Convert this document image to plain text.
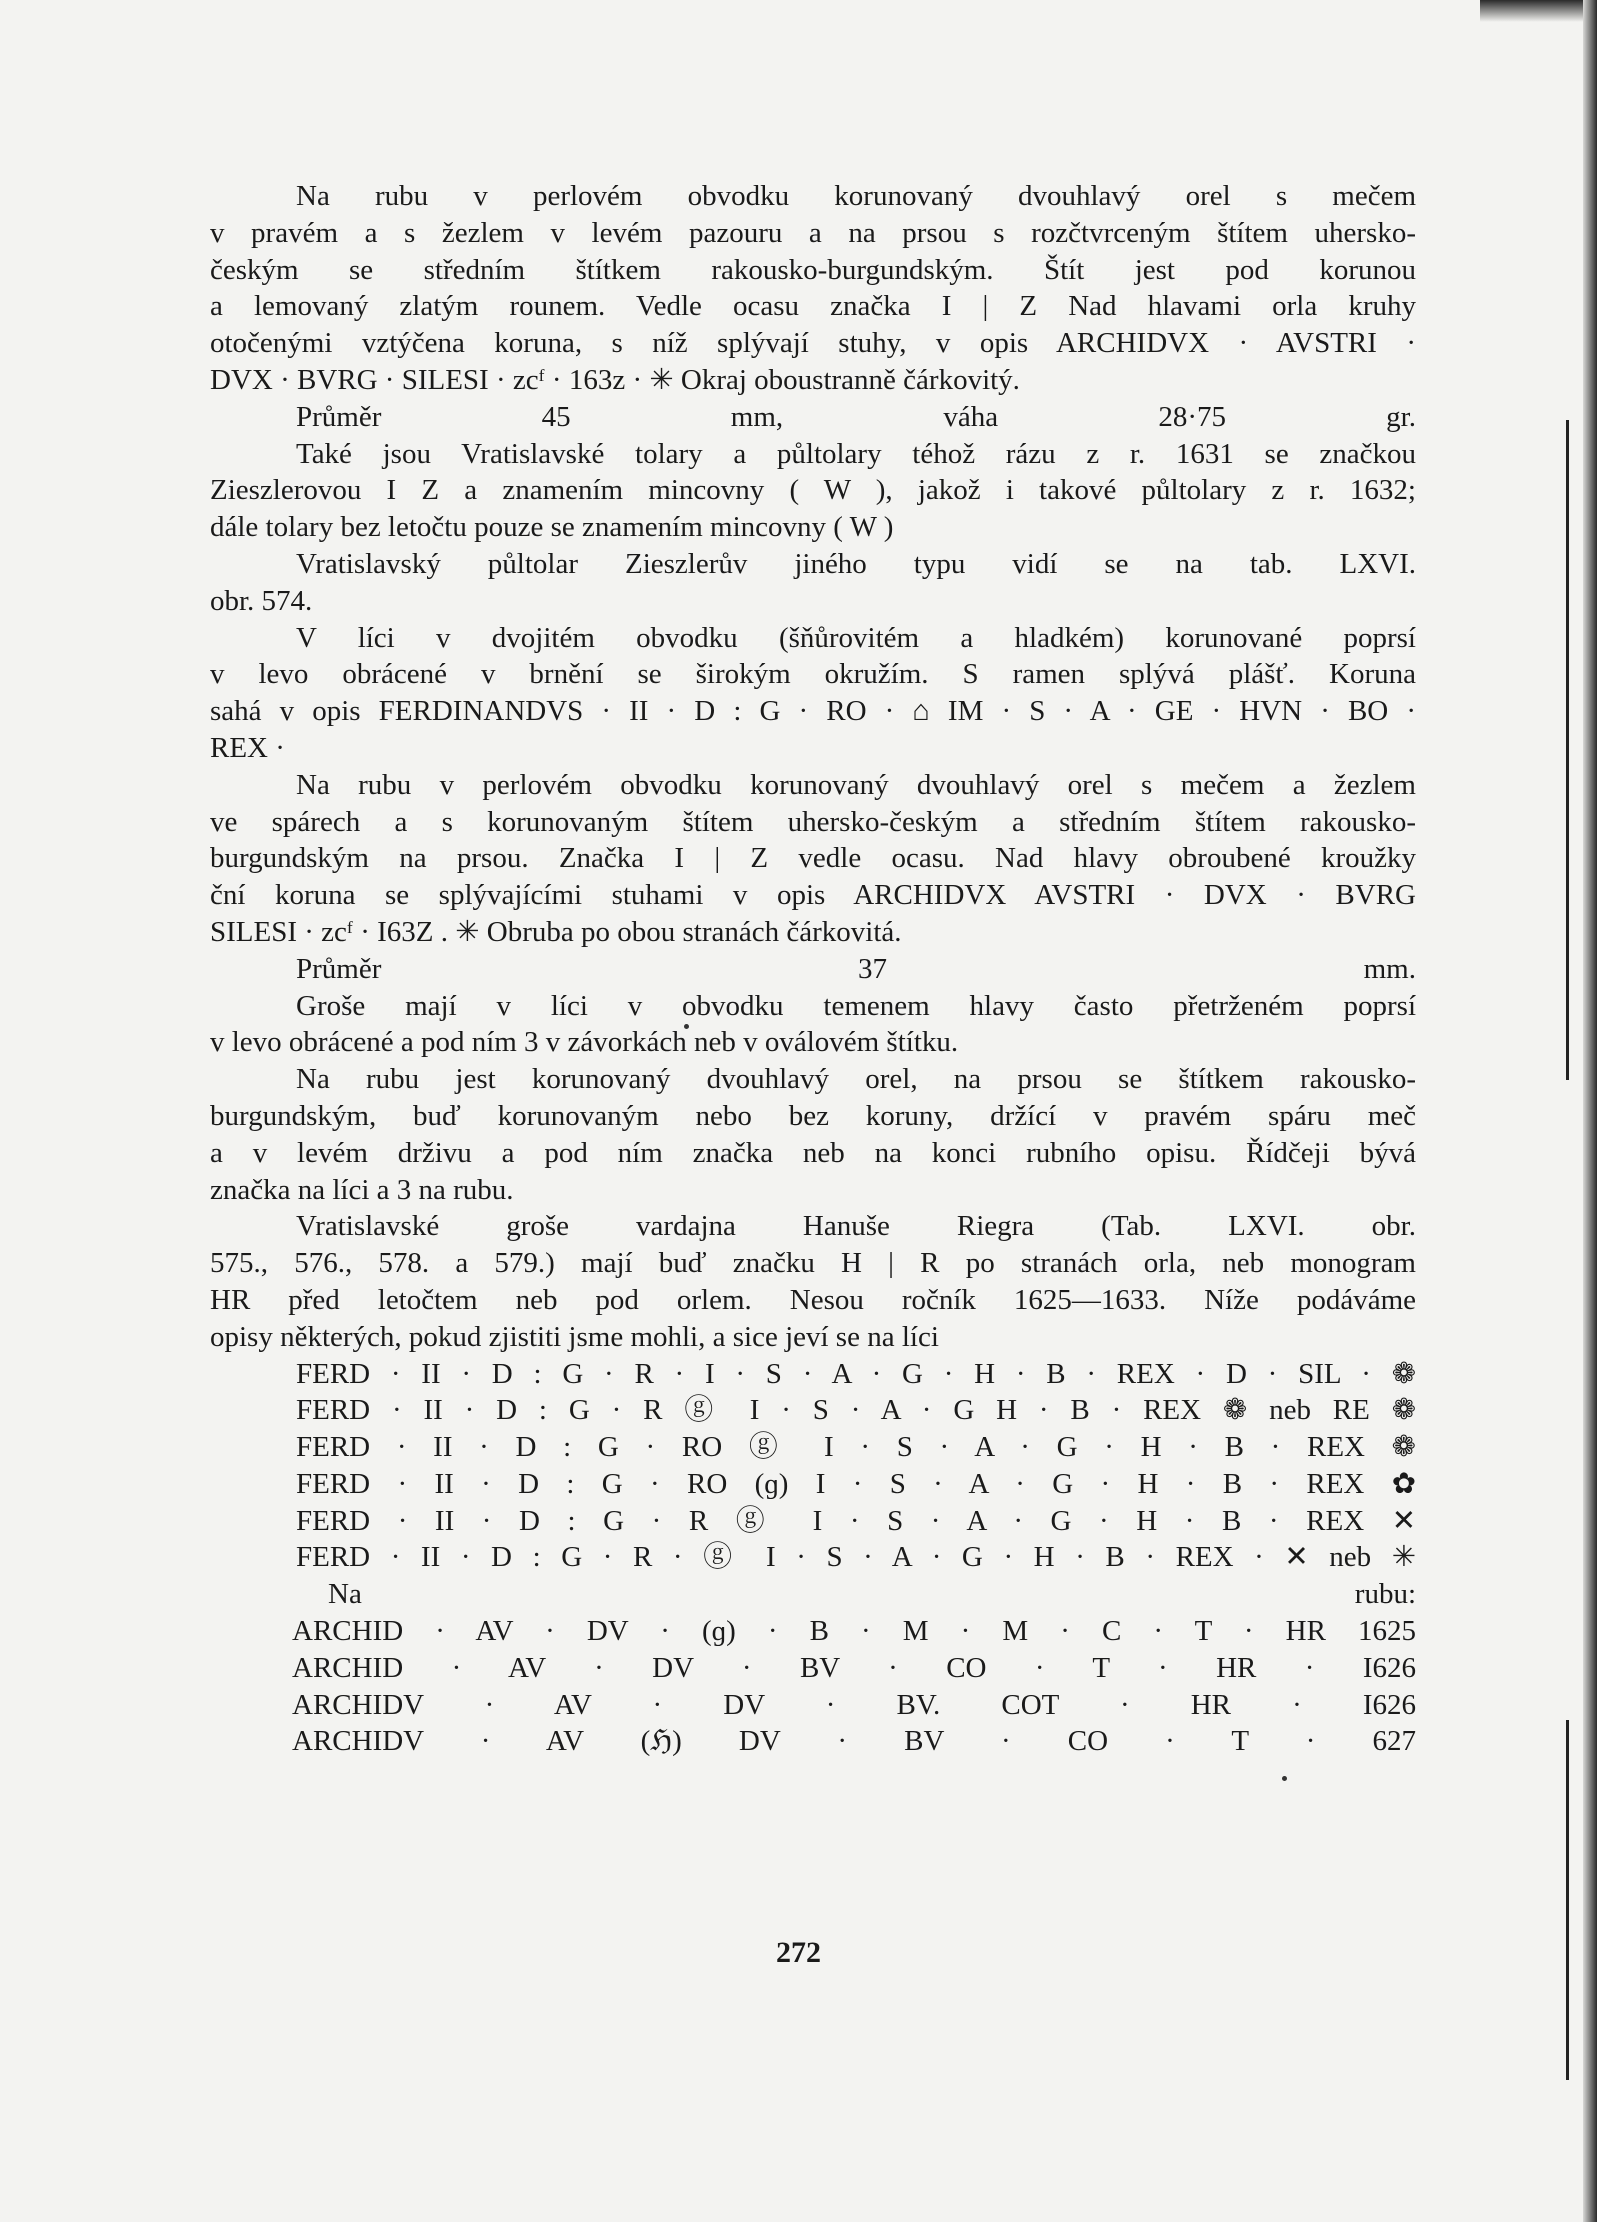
Na rubu v perlovém obvodku korunovaný dvouhlavý orel s mečem

v pravém a s žezlem v levém pazouru a na prsou s rozčtvrceným štítem uhersko-

českým se středním štítkem rakousko-burgundským. Štít jest pod korunou

a lemovaný zlatým rounem. Vedle ocasu značka I | Z Nad hlavami orla kruhy

otočenými vztýčena koruna, s níž splývají stuhy, v opis ARCHIDVX · AVSTRI ·

DVX · BVRG · SILESI · zcᶠ · 163z · ✳ Okraj oboustranně čárkovitý.

Průměr 45 mm, váha 28·75 gr.

Také jsou Vratislavské tolary a půltolary téhož rázu z r. 1631 se značkou

Zieszlerovou I Z a znamením mincovny ( W ), jakož i takové půltolary z r. 1632;

dále tolary bez letočtu pouze se znamením mincovny ( W )

Vratislavský půltolar Zieszlerův jiného typu vidí se na tab. LXVI.

obr. 574.

V líci v dvojitém obvodku (šňůrovitém a hladkém) korunované poprsí

v levo obrácené v brnění se širokým okružím. S ramen splývá plášť. Koruna

sahá v opis FERDINANDVS · II · D : G · RO · ⌂ IM · S · A · GE · HVN · BO ·

REX ·

Na rubu v perlovém obvodku korunovaný dvouhlavý orel s mečem a žezlem

ve spárech a s korunovaným štítem uhersko-českým a středním štítem rakousko-

burgundským na prsou. Značka I | Z vedle ocasu. Nad hlavy obroubené kroužky

ční koruna se splývajícími stuhami v opis ARCHIDVX AVSTRI · DVX · BVRG

SILESI · zcᶠ · I63Z . ✳ Obruba po obou stranách čárkovitá.

Průměr 37 mm.

Groše mají v líci v obvodku temenem hlavy často přetrženém poprsí

v levo obrácené a pod ním 3 v závorkách neb v oválovém štítku.

Na rubu jest korunovaný dvouhlavý orel, na prsou se štítkem rakousko-

burgundským, buď korunovaným nebo bez koruny, držící v pravém spáru meč

a v levém drživu a pod ním značka neb na konci rubního opisu. Řídčeji bývá

značka na líci a 3 na rubu.

Vratislavské groše vardajna Hanuše Riegra (Tab. LXVI. obr.

575., 576., 578. a 579.) mají buď značku H | R po stranách orla, neb monogram

HR před letočtem neb pod orlem. Nesou ročník 1625—1633. Níže podáváme

opisy některých, pokud zjistiti jsme mohli, a sice jeví se na líci

FERD · II · D : G · R · I · S · A · G · H · B · REX · D · SIL · ❁

FERD · II · D : G · R ⓖ I · S · A · G H · B · REX ❁ neb RE ❁

FERD · II · D : G · RO ⓖ I · S · A · G · H · B · REX ❁

FERD · II · D : G · RO (ɡ) I · S · A · G · H · B · REX ✿

FERD · II · D : G · R ⓖ I · S · A · G · H · B · REX ✕

FERD · II · D : G · R · ⓖ I · S · A · G · H · B · REX · ✕ neb ✳

Na rubu:

ARCHID · AV · DV · (ɡ) · B · M · M · C · T · HR 1625

ARCHID · AV · DV · BV · CO · T · HR · I626

ARCHIDV · AV · DV · BV. COT · HR · I626

ARCHIDV · AV (ℌ) DV · BV · CO · T · 627

272
